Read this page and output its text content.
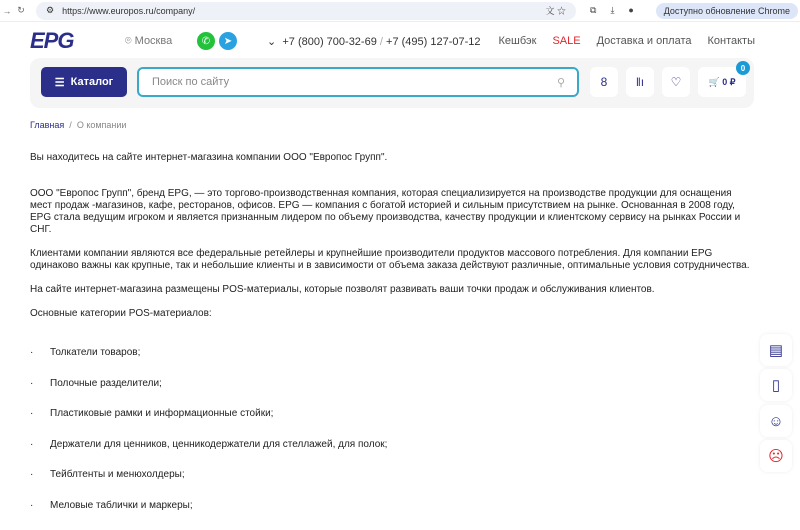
→ ↻	⚙ https://www.europos.ru/company/	文 ☆	⧉ ⤓ ●	Доступно обновление Chrome
EPG	⌾ Москва	✆	➤	⌄  +7 (800) 700-32-69 / +7 (495) 127-07-12 Кешбэк SALE Доставка и оплата Контакты
☰ Каталог	Поиск по сайту	⚲	8 ‖ı ♡	🛒 0 ₽
0
Главная / О компании

Вы находитесь на сайте интернет-магазина компании ООО "Европос Групп".

ООО "Европос Групп", бренд EPG, — это торгово-производственная компания, которая специализируется на производстве продукции для оснащения мест продаж -магазинов, кафе, ресторанов, офисов. EPG — компания с богатой историей и сильным присутствием на рынке. Основанная в 2008 году, EPG стала ведущим игроком и является признанным лидером по объему производства, качеству продукции и клиентскому сервису на рынках России и СНГ.

Клиентами компании являются все федеральные ретейлеры и крупнейшие производители продуктов массового потребления. Для компании EPG одинаково важны как крупные, так и небольшие клиенты и в зависимости от объема заказа действуют различные, оптимальные условия сотрудничества.

На сайте интернет-магазина размещены POS-материалы, которые позволят развивать ваши точки продаж и обслуживания клиентов.

Основные категории POS-материалов:

· Толкатели товаров;
· Полочные разделители;
· Пластиковые рамки и информационные стойки;
· Держатели для ценников, ценникодержатели для стеллажей, для полок;
· Тейблтенты и менюхолдеры;
· Меловые таблички и маркеры;
▤
▯
☺
☹
